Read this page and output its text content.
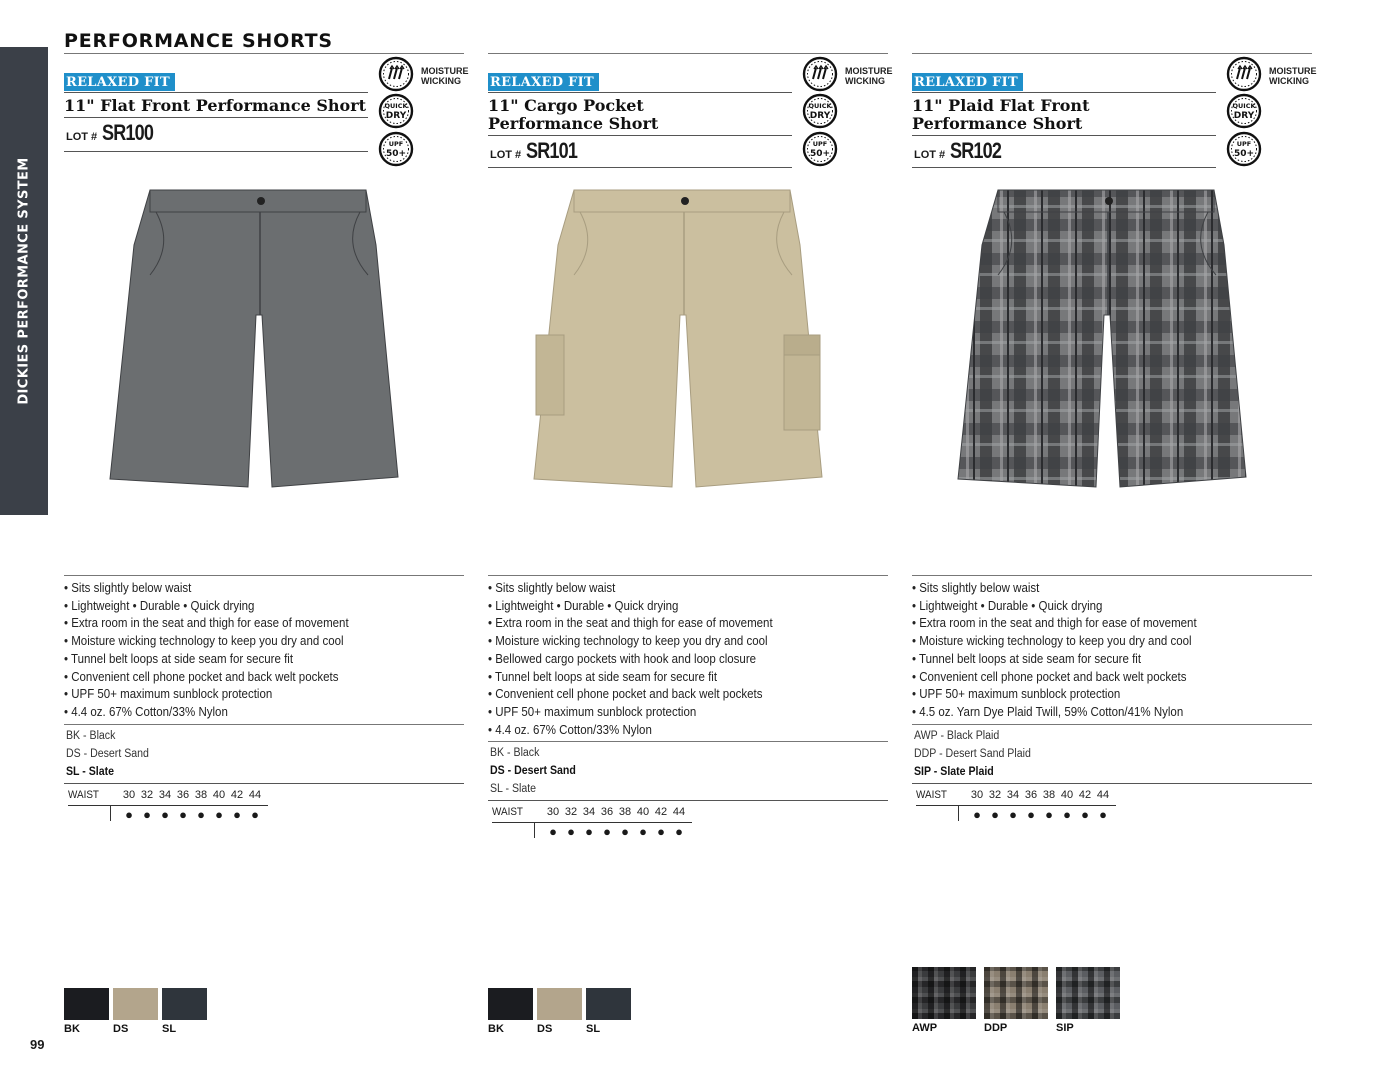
DICKIES PERFORMANCE SYSTEM
PERFORMANCE SHORTS
99
RELAXED FIT
11" Flat Front Performance Short
LOT # SR100
MOISTURE
WICKING
QUICK
DRY
UPF
50+
• Sits slightly below waist
• Lightweight • Durable • Quick drying
• Extra room in the seat and thigh for ease of movement
• Moisture wicking technology to keep you dry and cool
• Tunnel belt loops at side seam for secure fit
• Convenient cell phone pocket and back welt pockets
• UPF 50+ maximum sunblock protection
• 4.4 oz. 67% Cotton/33% Nylon
BK - Black
DS - Desert Sand
SL - Slate
WAIST 30 32 34 36 38 40 42 44
● ● ● ● ● ● ● ●
BK	DS	SL
RELAXED FIT
11" Cargo Pocket Performance Short
LOT # SR101
MOISTURE
WICKING
QUICK
DRY
UPF
50+
• Sits slightly below waist
• Lightweight • Durable • Quick drying
• Extra room in the seat and thigh for ease of movement
• Moisture wicking technology to keep you dry and cool
• Bellowed cargo pockets with hook and loop closure
• Tunnel belt loops at side seam for secure fit
• Convenient cell phone pocket and back welt pockets
• UPF 50+ maximum sunblock protection
• 4.4 oz. 67% Cotton/33% Nylon
BK - Black
DS - Desert Sand
SL - Slate
WAIST 30 32 34 36 38 40 42 44
● ● ● ● ● ● ● ●
BK	DS	SL
RELAXED FIT
11" Plaid Flat Front Performance Short
LOT # SR102
MOISTURE
WICKING
QUICK
DRY
UPF
50+
• Sits slightly below waist
• Lightweight • Durable • Quick drying
• Extra room in the seat and thigh for ease of movement
• Moisture wicking technology to keep you dry and cool
• Tunnel belt loops at side seam for secure fit
• Convenient cell phone pocket and back welt pockets
• UPF 50+ maximum sunblock protection
• 4.5 oz. Yarn Dye Plaid Twill, 59% Cotton/41% Nylon
AWP - Black Plaid
DDP - Desert Sand Plaid
SIP - Slate Plaid
WAIST 30 32 34 36 38 40 42 44
● ● ● ● ● ● ● ●
AWP	DDP	SIP
